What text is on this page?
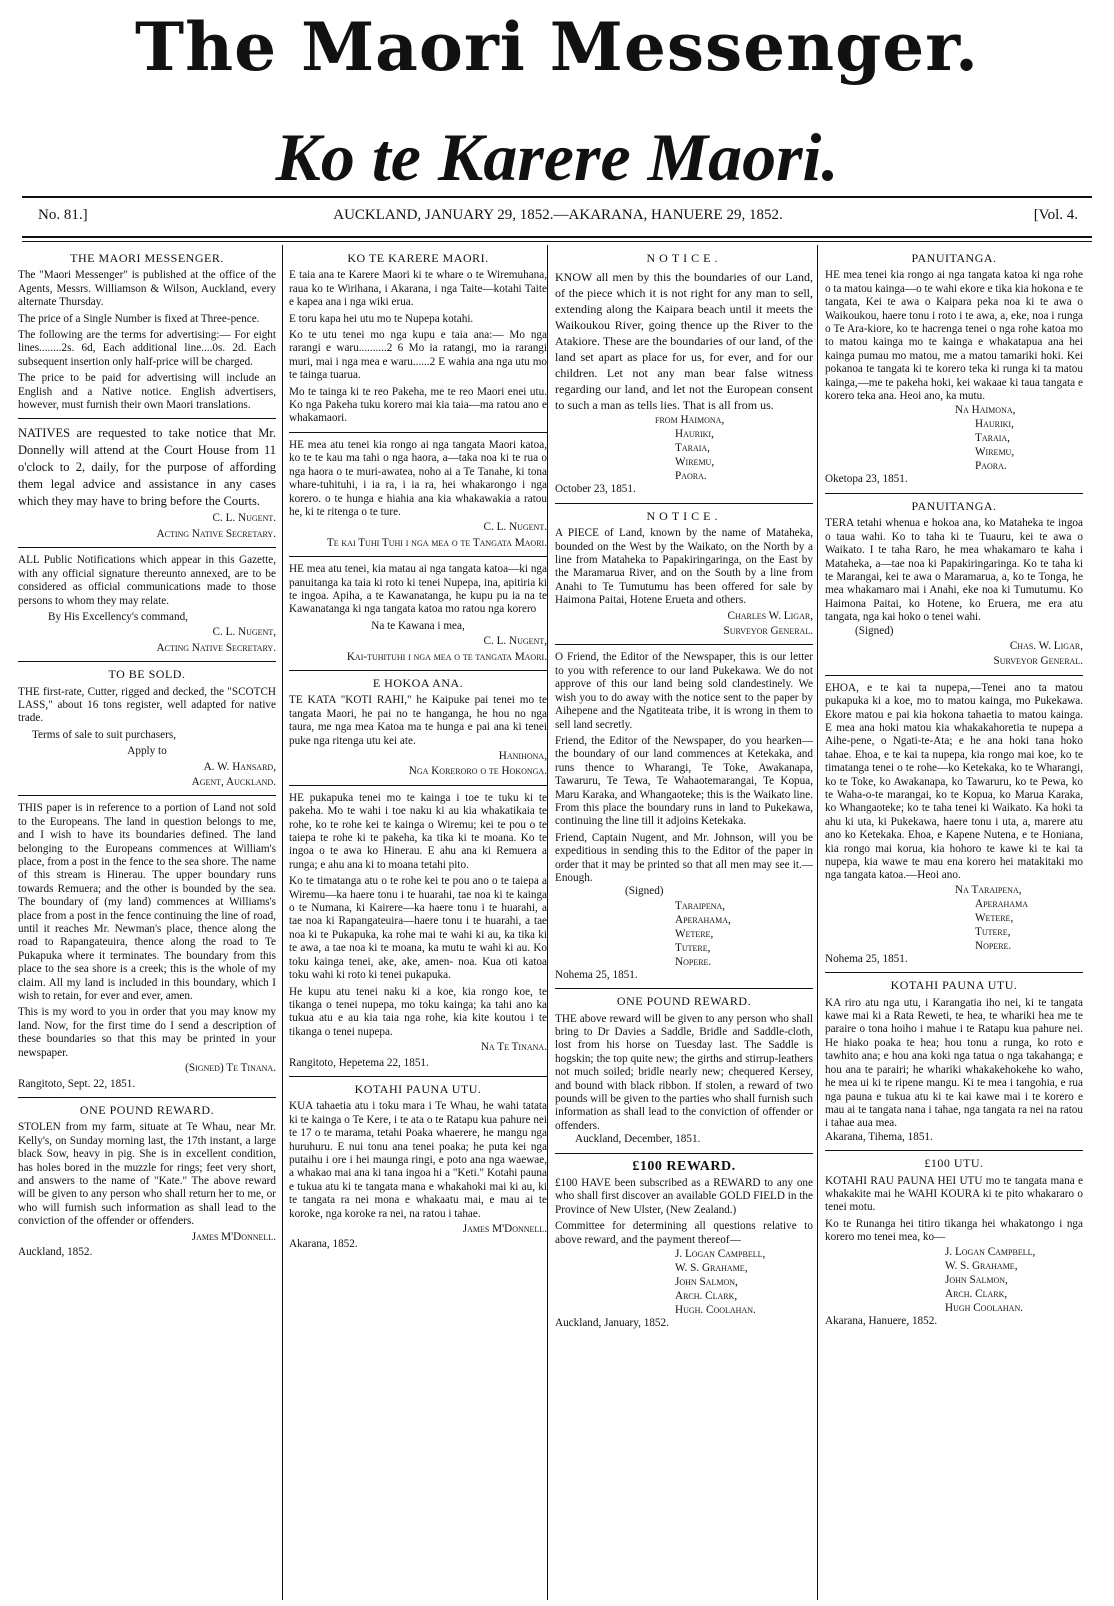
The Maori Messenger.
Ko te Karere Maori.
No. 81.]	AUCKLAND, JANUARY 29, 1852.—AKARANA, HANUERE 29, 1852.	[Vol. 4.
THE MAORI MESSENGER.

The "Maori Messenger" is published at the office of the Agents, Messrs. Williamson & Wilson, Auckland, every alternate Thursday.

The price of a Single Number is fixed at Three-pence.

The following are the terms for advertising:— For eight lines........2s. 6d, Each additional line....0s. 2d. Each subsequent insertion only half-price will be charged.

The price to be paid for advertising will include an English and a Native notice. English advertisers, however, must furnish their own Maori translations.

NATIVES are requested to take notice that Mr. Donnelly will attend at the Court House from 11 o'clock to 2, daily, for the purpose of affording them legal advice and assistance in any cases which they may have to bring before the Courts.

C. L. Nugent.
Acting Native Secretary.

ALL Public Notifications which appear in this Gazette, with any official signature thereunto annexed, are to be considered as official communications made to those persons to whom they may relate.

By His Excellency's command,

C. L. Nugent,
Acting Native Secretary.
TO BE SOLD.

THE first-rate, Cutter, rigged and decked, the "SCOTCH LASS," about 16 tons register, well adapted for native trade.

Terms of sale to suit purchasers,

Apply to

A. W. Hansard,
Agent, Auckland.

THIS paper is in reference to a portion of Land not sold to the Europeans. The land in question belongs to me, and I wish to have its boundaries defined. The land belonging to the Europeans commences at William's place, from a post in the fence to the sea shore. The name of this stream is Hinerau. The upper boundary runs towards Remuera; and the other is bounded by the sea. The boundary of (my land) commences at Williams's place from a post in the fence continuing the line of road, until it reaches Mr. Newman's place, thence along the road to Rapangateuira, thence along the road to Te Pukapuka where it terminates. The boundary from this place to the sea shore is a creek; this is the whole of my claim. All my land is included in this boundary, which I wish to retain, for ever and ever, amen.

This is my word to you in order that you may know my land. Now, for the first time do I send a description of these boundaries so that this may be printed in your newspaper.

(Signed) Te Tinana.
Rangitoto, Sept. 22, 1851.
ONE POUND REWARD.

STOLEN from my farm, situate at Te Whau, near Mr. Kelly's, on Sunday morning last, the 17th instant, a large black Sow, heavy in pig. She is in excellent condition, has holes bored in the muzzle for rings; feet very short, and answers to the name of "Kate." The above reward will be given to any person who shall return her to me, or who will furnish such information as shall lead to the conviction of the offender or offenders.

James M'Donnell.
Auckland, 1852.
KO TE KARERE MAORI.

E taia ana te Karere Maori ki te whare o te Wiremuhana, raua ko te Wirihana, i Akarana, i nga Taite—kotahi Taite e kapea ana i nga wiki erua.

E toru kapa hei utu mo te Nupepa kotahi.

Ko te utu tenei mo nga kupu e taia ana:— Mo nga rarangi e waru..........2 6 Mo ia ratangi, mo ia rarangi muri, mai i nga mea e waru......2 E wahia ana nga utu mo te tainga tuarua.

Mo te tainga ki te reo Pakeha, me te reo Maori enei utu. Ko nga Pakeha tuku korero mai kia taia—ma ratou ano e whakamaori.

HE mea atu tenei kia rongo ai nga tangata Maori katoa, ko te te kau ma tahi o nga haora, a—taka noa ki te rua o nga haora o te muri-awatea, noho ai a Te Tanahe, ki tona whare-tuhituhi, i ia ra, i ia ra, hei whakarongo i nga korero. o te hunga e hiahia ana kia whakawakia a ratou he, ki te ritenga o te ture.

C. L. Nugent.
Te kai Tuhi Tuhi i nga mea o te Tangata Maori.

HE mea atu tenei, kia matau ai nga tangata katoa—ki nga panuitanga ka taia ki roto ki tenei Nupepa, ina, apitiria ki te ingoa. Apiha, a te Kawanatanga, he kupu pu ia na te Kawanatanga ki nga tangata katoa mo ratou nga korero

Na te Kawana i mea,

C. L. Nugent,
Kai-tuhituhi i nga mea o te tangata Maori.
E HOKOA ANA.

TE KATA "KOTI RAHI," he Kaipuke pai tenei mo te tangata Maori, he pai no te hanganga, he hou no nga taura, me nga mea Katoa ma te hunga e pai ana ki tenei puke nga ritenga utu kei ate.

Hanihona,
Nga Koreroro o te Hokonga.

HE pukapuka tenei mo te kainga i toe te tuku ki te pakeha. Mo te wahi i toe naku ki au kia whakatikaia te rohe, ko te rohe kei te kainga o Wiremu; kei te pou o te taiepa te rohe ki te pakeha, ka tika ki te moana. Ko te ingoa o te awa ko Hinerau. E ahu ana ki Remuera a runga; e ahu ana ki to moana tetahi pito.

Ko te timatanga atu o te rohe kei te pou ano o te taiepa a Wiremu—ka haere tonu i te huarahi, tae noa ki te kainga o te Numana, ki Kairere—ka haere tonu i te huarahi, a tae noa ki Rapangateuira—haere tonu i te huarahi, a tae noa ki te Pukapuka, ka rohe mai te wahi ki au, ka tika ki te awa, a tae noa ki te moana, ka mutu te wahi ki au. Ko toku kainga tenei, ake, ake, amen- noa. Kua oti katoa toku wahi ki roto ki tenei pukapuka.

He kupu atu tenei naku ki a koe, kia rongo koe, te tikanga o tenei nupepa, mo toku kainga; ka tahi ano ka tukua atu e au kia taia nga rohe, kia kite koutou i te tikanga o tenei nupepa.

Na Te Tinana.
Rangitoto, Hepetema 22, 1851.
KOTAHI PAUNA UTU.

KUA tahaetia atu i toku mara i Te Whau, he wahi tatata ki te kainga o Te Kere, i te ata o te Ratapu kua pahure nei te 17 o te marama, tetahi Poaka whaerere, he mangu nga huruhuru. E nui tonu ana tenei poaka; he puta kei nga putaihu i ore i hei maunga ringi, e poto ana nga waewae, a whakao mai ana ki tana ingoa hi a "Keti." Kotahi pauna e tukua atu ki te tangata mana e whakahoki mai ki au, ki te tangata ra nei mona e whakaatu mai, e mau ai te koroke, nga koroke ra nei, na ratou i tahae.

James M'Donnell.
Akarana, 1852.
NOTICE.

KNOW all men by this the boundaries of our Land, of the piece which it is not right for any man to sell, extending along the Kaipara beach until it meets the Waikoukou River, going thence up the River to the Atakiore. These are the boundaries of our land, of the land set apart as place for us, for ever, and for our children. Let not any man bear false witness regarding our land, and let not the European consent to such a man as tells lies. That is all from us.

from Haimona,
Hauriki,
Taraia,
Wiremu,
Paora.
October 23, 1851.
NOTICE.

A PIECE of Land, known by the name of Mataheka, bounded on the West by the Waikato, on the North by a line from Mataheka to Papakiringaringa, on the East by the Maramarua River, and on the South by a line from Anahi to Te Tumutumu has been offered for sale by Haimona Paitai, Hotene Erueta and others.

Charles W. Ligar,
Surveyor General.

O Friend, the Editor of the Newspaper, this is our letter to you with reference to our land Pukekawa. We do not approve of this our land being sold clandestinely. We wish you to do away with the notice sent to the paper by Aihepene and the Ngatiteata tribe, it is wrong in them to sell land secretly.

Friend, the Editor of the Newspaper, do you hearken—the boundary of our land commences at Ketekaka, and runs thence to Wharangi, Te Toke, Awakanapa, Tawaruru, Te Tewa, Te Wahaotemarangai, Te Kopua, Maru Karaka, and Whangaoteke; this is the Waikato line. From this place the boundary runs in land to Pukekawa, continuing the line till it adjoins Ketekaka.

Friend, Captain Nugent, and Mr. Johnson, will you be expeditious in sending this to the Editor of the paper in order that it may be printed so that all men may see it.—Enough.

(Signed)
Taraipena,
Aperahama,
Wetere,
Tutere,
Nopere.
Nohema 25, 1851.
ONE POUND REWARD.

THE above reward will be given to any person who shall bring to Dr Davies a Saddle, Bridle and Saddle-cloth, lost from his horse on Tuesday last. The Saddle is hogskin; the top quite new; the girths and stirrup-leathers not much soiled; bridle nearly new; chequered Kersey, and bound with black ribbon. If stolen, a reward of two pounds will be given to the parties who shall furnish such information as shall lead to the conviction of offender or offenders.

Auckland, December, 1851.
£100 REWARD.

£100 HAVE been subscribed as a REWARD to any one who shall first discover an available GOLD FIELD in the Province of New Ulster, (New Zealand.)

Committee for determining all questions relative to above reward, and the payment thereof—

J. Logan Campbell,
W. S. Grahame,
John Salmon,
Arch. Clark,
Hugh. Coolahan.
Auckland, January, 1852.
PANUITANGA.

HE mea tenei kia rongo ai nga tangata katoa ki nga rohe o ta matou kainga—o te wahi ekore e tika kia hokona e te tangata, Kei te awa o Kaipara peka noa ki te awa o Waikoukou, haere tonu i roto i te awa, a, eke, noa i runga o Te Ara-kiore, ko te hacrenga tenei o nga rohe katoa mo to matou kainga mo te kainga e whakatapua ana hei kainga pumau mo matou, me a matou tamariki hoki. Kei pokanoa te tangata ki te korero teka ki runga ki ta matou kainga,—me te pakeha hoki, kei wakaae ki taua tangata e korero teka ana. Heoi ano, ka mutu.

Na Haimona,
Hauriki,
Taraia,
Wiremu,
Paora.
Oketopa 23, 1851.
PANUITANGA.

TERA tetahi whenua e hokoa ana, ko Mataheka te ingoa o taua wahi. Ko to taha ki te Tuauru, kei te awa o Waikato. I te taha Raro, he mea whakamaro te kaha i Mataheka, a—tae noa ki Papakiringaringa. Ko te taha ki te Marangai, kei te awa o Maramarua, a, ko te Tonga, he mea whakamaro mai i Anahi, eke noa ki Tumutumu. Ko Haimona Paitai, ko Hotene, ko Eruera, me era atu tangata, nga kai hoko o tenei wahi.

(Signed)
Chas. W. Ligar,
Surveyor General.

EHOA, e te kai ta nupepa,—Tenei ano ta matou pukapuka ki a koe, mo to matou kainga, mo Pukekawa. Ekore matou e pai kia hokona tahaetia to matou kainga. E mea ana hoki matou kia whakakahoretia te nupepa a Aihe-pene, o Ngati-te-Ata; e he ana hoki tana hoko tahae. Ehoa, e te kai ta nupepa, kia rongo mai koe, ko te timatanga tenei o te rohe—ko Ketekaka, ko te Wharangi, ko te Toke, ko Awakanapa, ko Tawaruru, ko te Pewa, ko te Waha-o-te marangai, ko te Kopua, ko Marua Karaka, ko Whangaoteke; ko te taha tenei ki Waikato. Ka hoki ta ahu ki uta, ki Pukekawa, haere tonu i uta, a, marere atu ano ko Ketekaka. Ehoa, e Kapene Nutena, e te Honiana, kia rongo mai korua, kia hohoro te kawe ki te kai ta nupepa, kia wawe te mau ena korero hei matakitaki mo nga tangata katoa.—Heoi ano.

Na Taraipena,
Aperahama
Wetere,
Tutere,
Nopere.
Nohema 25, 1851.
KOTAHI PAUNA UTU.

KA riro atu nga utu, i Karangatia iho nei, ki te tangata kawe mai ki a Rata Reweti, te hea, te whariki hea me te paraire o tona hoiho i mahue i te Ratapu kua pahure nei. He hiako poaka te hea; hou tonu a runga, ko roto e tawhito ana; e hou ana koki nga tatua o nga takahanga; e hou ana te parairi; he whariki whakakehokehe ko waho, he mea ui ki te ripene mangu. Ki te mea i tangohia, e rua nga pauna e tukua atu ki te kai kawe mai i te korero e mau ai te tangata nana i tahae, nga tangata ra nei na ratou i tahae aua mea.

Akarana, Tihema, 1851.
£100 UTU.

KOTAHI RAU PAUNA HEI UTU mo te tangata mana e whakakite mai he WAHI KOURA ki te pito whakararo o tenei motu.

Ko te Runanga hei titiro tikanga hei whakatongo i nga korero mo tenei mea, ko—

J. Logan Campbell,
W. S. Grahame,
John Salmon,
Arch. Clark,
Hugh Coolahan.
Akarana, Hanuere, 1852.
